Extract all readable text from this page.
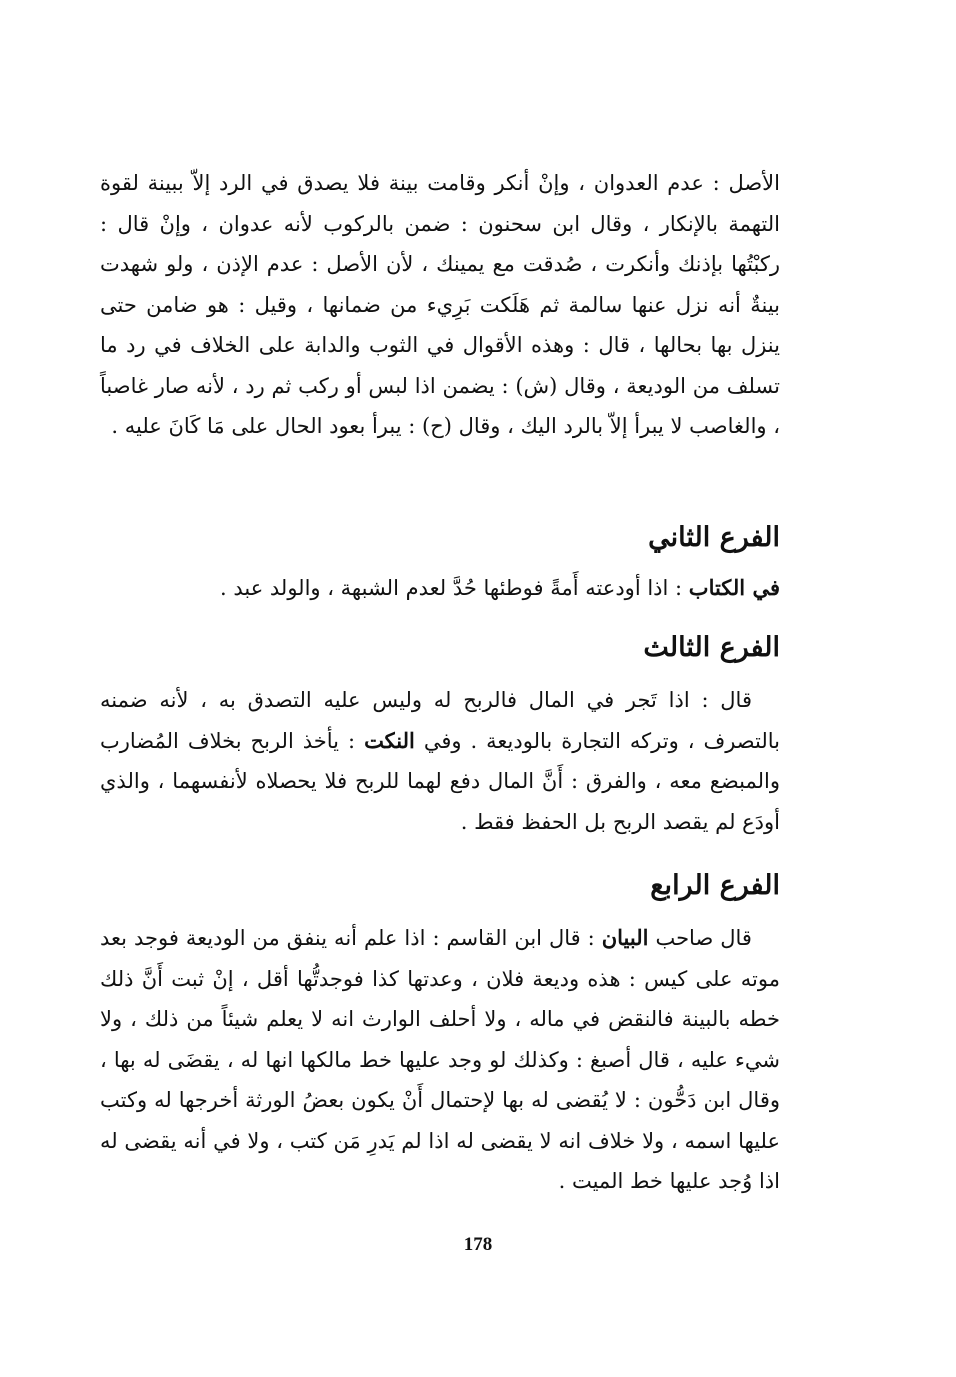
الأصل : عدم العدوان ، وإنْ أنكر وقامت بينة فلا يصدق في الرد إلاّ ببينة لقوة التهمة بالإنكار ، وقال ابن سحنون : ضمن بالركوب لأنه عدوان ، وإنْ قال : ركبْتُها بإذنك وأنكرت ، صُدقت مع يمينك ، لأن الأصل : عدم الإذن ، ولو شهدت بينةٌ أنه نزل عنها سالمة ثم هَلَكت بَرِيء من ضمانها ، وقيل : هو ضامن حتى ينزل بها بحالها ، قال : وهذه الأقوال في الثوب والدابة على الخلاف في رد ما تسلف من الوديعة ، وقال (ش) : يضمن اذا لبس أو ركب ثم رد ، لأنه صار غاصباً ، والغاصب لا يبرأ إلاّ بالرد اليك ، وقال (ح) : يبرأ بعود الحال على مَا كَانَ عليه .

الفرع الثاني

في الكتاب : اذا أودعته أَمةً فوطئها حُدَّ لعدم الشبهة ، والولد عبد .

الفرع الثالث

قال : اذا تَجر في المال فالربح له وليس عليه التصدق به ، لأنه ضمنه بالتصرف ، وتركه التجارة بالوديعة . وفي النكت : يأخذ الربح بخلاف المُضارب والمبضع معه ، والفرق : أَنَّ المال دفع لهما للربح فلا يحصلاه لأنفسهما ، والذي أودَع لم يقصد الربح بل الحفظ فقط .

الفرع الرابع

قال صاحب البيان : قال ابن القاسم : اذا علم أنه ينفق من الوديعة فوجد بعد موته على كيس : هذه وديعة فلان ، وعدتها كذا فوجدتُّها أقل ، إنْ ثبت أَنَّ ذلك خطه بالبينة فالنقض في ماله ، ولا أحلف الوارث انه لا يعلم شيئاً من ذلك ، ولا شيء عليه ، قال أصبغ : وكذلك لو وجد عليها خط مالكها انها له ، يقضَى له بها ، وقال ابن دَحُّون : لا يُقضى له بها لإحتمال أَنْ يكون بعضُ الورثة أخرجها له وكتب عليها اسمه ، ولا خلاف انه لا يقضى له اذا لم يَدرِ مَن كتب ، ولا في أنه يقضى له اذا وُجد عليها خط الميت .

178
